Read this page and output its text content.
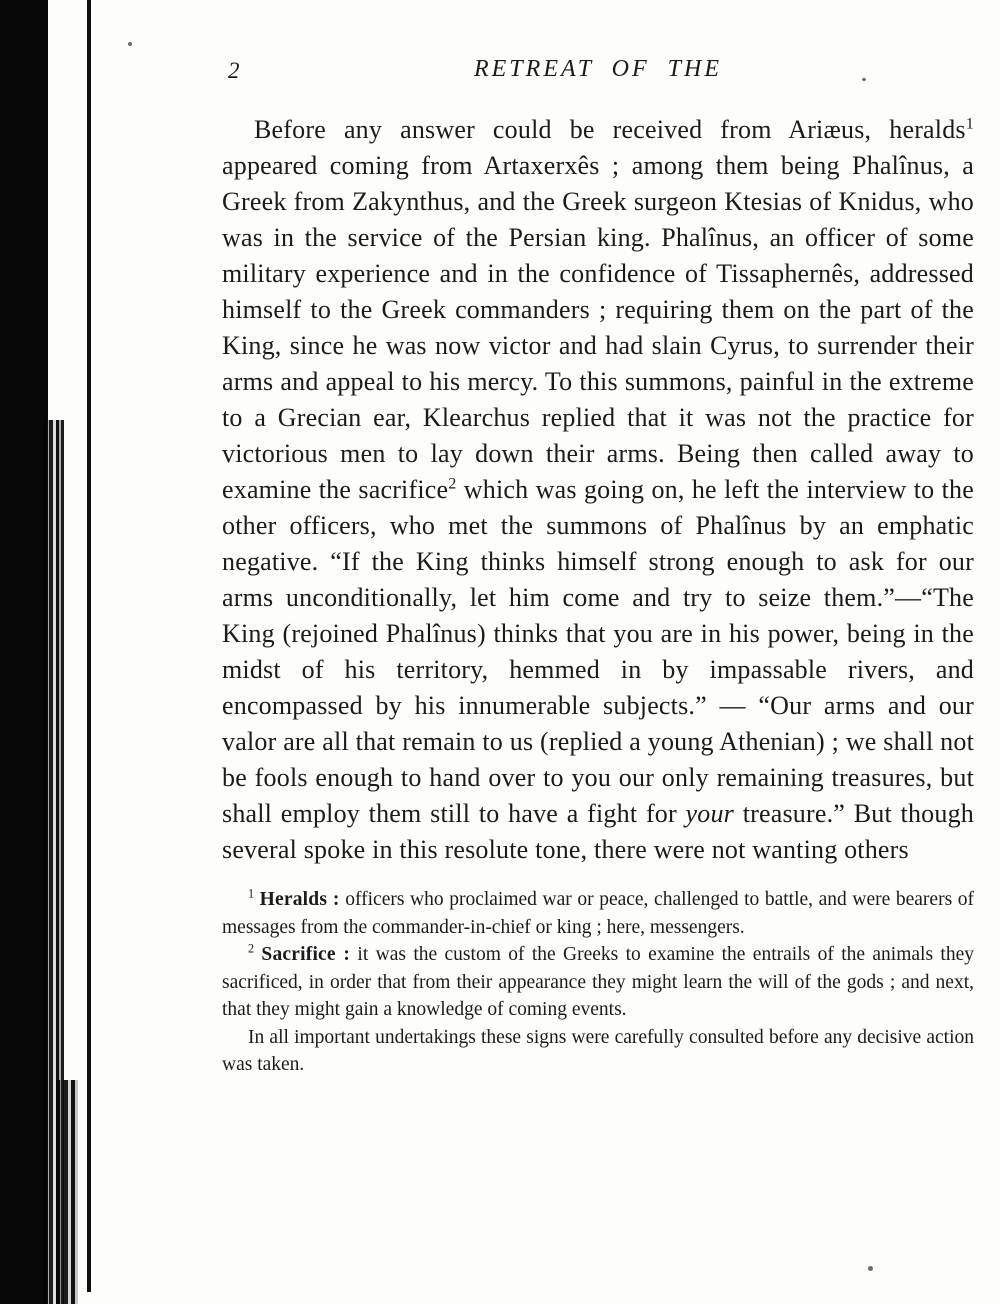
2	RETREAT OF THE

Before any answer could be received from Ariæus, heralds$^1$ appeared coming from Artaxerxês ; among them being Phalînus, a Greek from Zakynthus, and the Greek surgeon Ktesias of Knidus, who was in the service of the Persian king. Phalînus, an officer of some military experience and in the confidence of Tissaphernês, addressed himself to the Greek commanders ; requiring them on the part of the King, since he was now victor and had slain Cyrus, to surrender their arms and appeal to his mercy. To this summons, painful in the extreme to a Grecian ear, Klearchus replied that it was not the practice for victorious men to lay down their arms. Being then called away to examine the sacrifice$^2$ which was going on, he left the interview to the other officers, who met the summons of Phalînus by an emphatic negative. “If the King thinks himself strong enough to ask for our arms unconditionally, let him come and try to seize them.”—“The King (rejoined Phalînus) thinks that you are in his power, being in the midst of his territory, hemmed in by impassable rivers, and encompassed by his innumerable subjects.” — “Our arms and our valor are all that remain to us (replied a young Athenian) ; we shall not be fools enough to hand over to you our only remaining treasures, but shall employ them still to have a fight for your treasure.” But though several spoke in this resolute tone, there were not wanting others

$^1$ Heralds : officers who proclaimed war or peace, challenged to battle, and were bearers of messages from the commander-in-chief or king ; here, messengers.

$^2$ Sacrifice : it was the custom of the Greeks to examine the entrails of the animals they sacrificed, in order that from their appearance they might learn the will of the gods ; and next, that they might gain a knowledge of coming events.

In all important undertakings these signs were carefully consulted before any decisive action was taken.
